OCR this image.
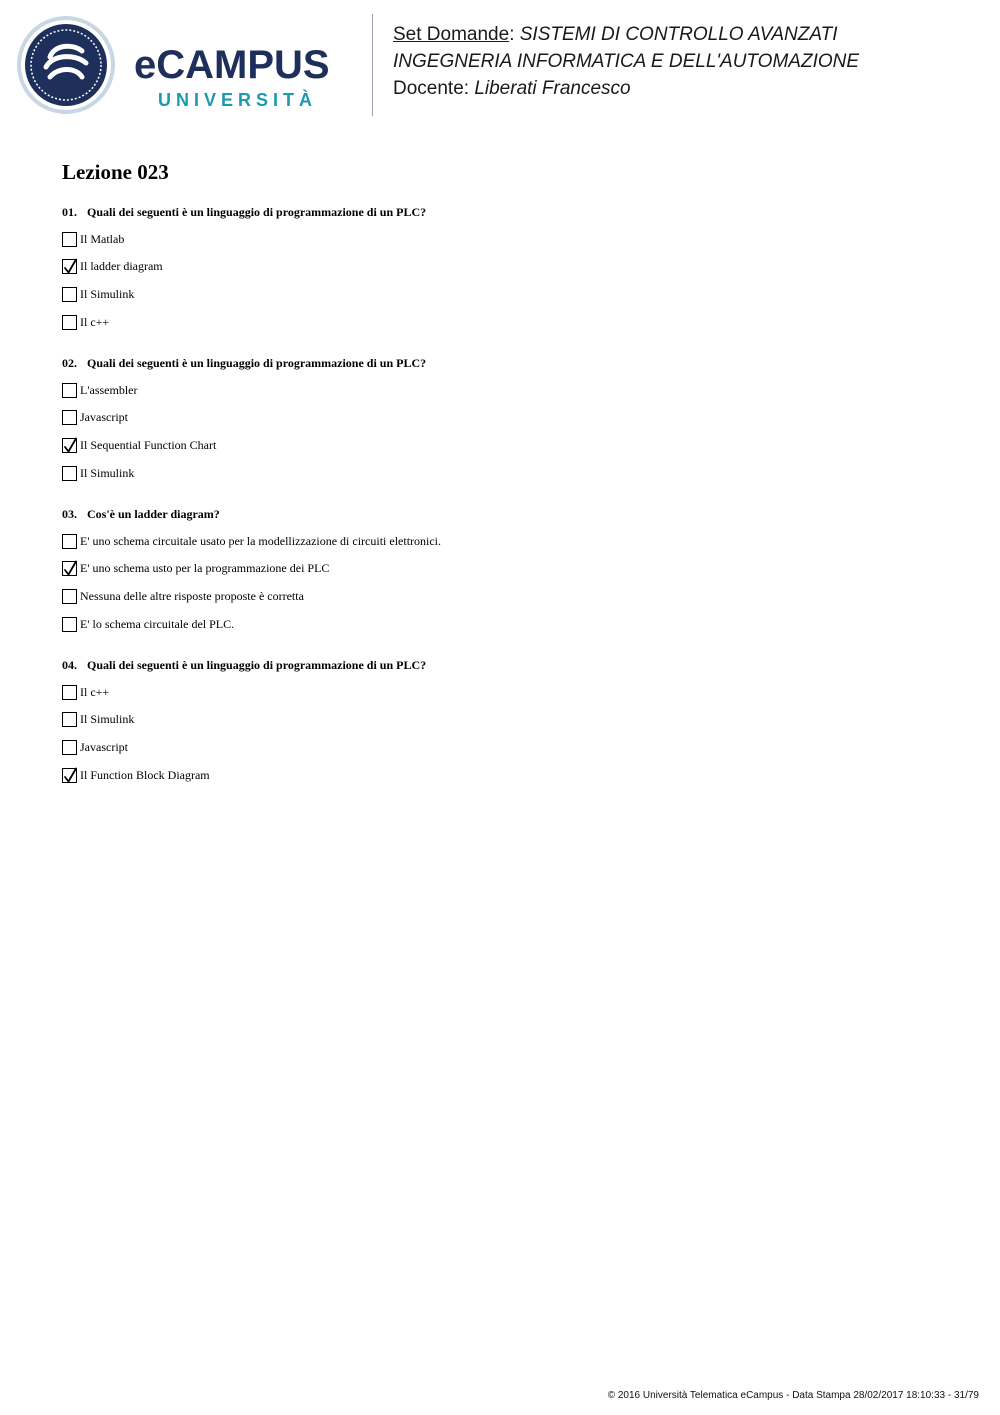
eCAMPUS
UNIVERSITÀ
Set Domande: SISTEMI DI CONTROLLO AVANZATI
INGEGNERIA INFORMATICA E DELL'AUTOMAZIONE
Docente: Liberati Francesco
Lezione 023
01. Quali dei seguenti è un linguaggio di programmazione di un PLC?
Il Matlab
Il ladder diagram
Il Simulink
Il c++
02. Quali dei seguenti è un linguaggio di programmazione di un PLC?
L'assembler
Javascript
Il Sequential Function Chart
Il Simulink
03. Cos'è un ladder diagram?
E' uno schema circuitale usato per la modellizzazione di circuiti elettronici.
E' uno schema usto per la programmazione dei PLC
Nessuna delle altre risposte proposte è corretta
E' lo schema circuitale del PLC.
04. Quali dei seguenti è un linguaggio di programmazione di un PLC?
Il c++
Il Simulink
Javascript
Il Function Block Diagram
© 2016 Università Telematica eCampus - Data Stampa 28/02/2017 18:10:33 - 31/79
